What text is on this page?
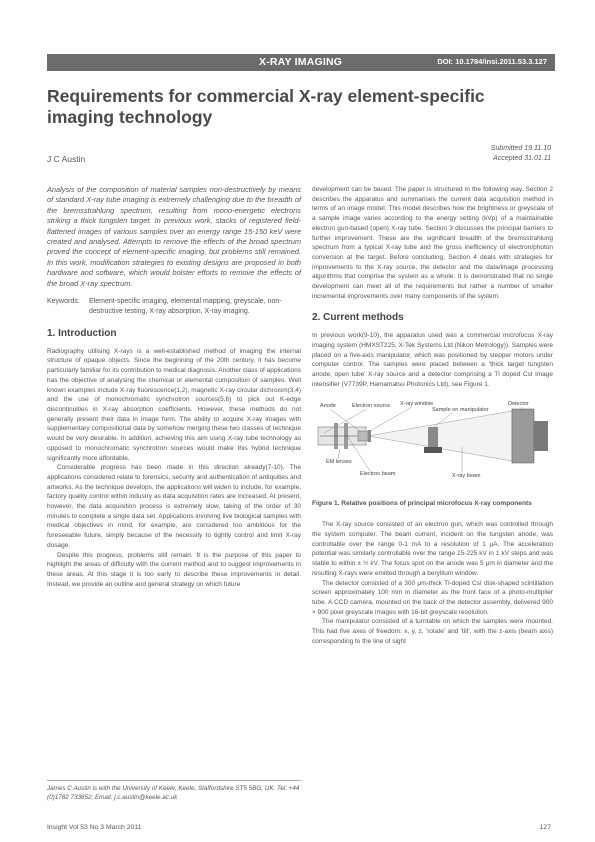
X-RAY IMAGING	DOI: 10.1784/insi.2011.53.3.127
Requirements for commercial X-ray element-specific imaging technology
J C Austin
Submitted 19.11.10
Accepted 31.01.11

Analysis of the composition of material samples non-destructively by means of standard X-ray tube imaging is extremely challenging due to the breadth of the bremsstrahlung spectrum, resulting from mono-energetic electrons striking a thick tungsten target. In previous work, stacks of registered field-flattened images of various samples over an energy range 15-150 keV were created and analysed. Attempts to remove the effects of the broad spectrum proved the concept of element-specific imaging, but problems still remained. In this work, modification strategies to existing designs are proposed in both hardware and software, which would bolster efforts to remove the effects of the broad X-ray spectrum.

Keywords:	Element-specific imaging, elemental mapping, greyscale, non-destructive testing, X-ray absorption, X-ray imaging.
1. Introduction

Radiography utilising X-rays is a well-established method of imaging the internal structure of opaque objects. Since the beginning of the 20th century, it has become particularly familiar for its contribution to medical diagnosis. Another class of applications has the objective of analysing the chemical or elemental composition of samples. Well known examples include X-ray fluorescence(1,2), magnetic X-ray circular dichroism(3,4) and the use of monochromatic synchrotron sources(5,6) to pick out K-edge discontinuities in X-ray absorption coefficients. However, these methods do not generally present their data in image form. The ability to acquire X-ray images with supplementary compositional data by somehow merging these two classes of technique would be very desirable. In addition, achieving this aim using X-ray tube technology as opposed to monochromatic synchrotron sources would make this hybrid technique significantly more affordable.

Considerable progress has been made in this direction already(7-10). The applications considered relate to forensics, security and authentication of antiquities and artworks. As the technique develops, the applications will widen to include, for example, factory quality control within industry as data acquisition rates are increased. At present, however, the data acquisition process is extremely slow, taking of the order of 30 minutes to complete a single data set. Applications involving live biological samples with medical objectives in mind, for example, are considered too ambitious for the foreseeable future, simply because of the necessity to tightly control and limit X-ray dosage.

Despite this progress, problems still remain. It is the purpose of this paper to highlight the areas of difficulty with the current method and to suggest improvements in these areas. At this stage it is too early to describe these improvements in detail. Instead, we provide an outline and general strategy on which future

James C Austin is with the University of Keele, Keele, Staffordshire ST5 5BG, UK. Tel: +44 (0)1782 733652; Email: j.c.austin@keele.ac.uk

development can be based. The paper is structured in the following way. Section 2 describes the apparatus and summarises the current data acquisition method in terms of an image model. This model describes how the brightness or greyscale of a sample image varies according to the energy setting (kVp) of a maintainable electron gun-based (open) X-ray tube. Section 3 discusses the principal barriers to further improvement. These are the significant breadth of the bremsstrahlung spectrum from a typical X-ray tube and the gross inefficiency of electron/photon conversion at the target. Before concluding, Section 4 deals with strategies for improvements to the X-ray source, the detector and the data/image processing algorithms that comprise the system as a whole. It is demonstrated that no single development can meet all of the requirements but rather a number of smaller incremental improvements over many components of the system.

2. Current methods

In previous work(9-10), the apparatus used was a commercial microfocus X-ray imaging system (HMXST225, X-Tek Systems Ltd (Nikon Metrology)). Samples were placed on a five-axis manipulator, which was positioned by stepper motors under computer control. The samples were placed between a 'thick target tungsten anode, open tube' X-ray source and a detector comprising a Tl doped CsI image intensifier (V7739P, Hamamatsu Photonics Ltd), see Figure 1.

Anode	Electron source X-ray window
Sample on manipulator
Detector
EM lenses
Electron beam	X-ray beam
Figure 1. Relative positions of principal microfocus X-ray components

The X-ray source consisted of an electron gun, which was controlled through the system computer. The beam current, incident on the tungsten anode, was controllable over the range 0-1 mA to a resolution of 1 μA. The acceleration potential was similarly controllable over the range 15-225 kV in 1 kV steps and was stable to within ± ½ kV. The focus spot on the anode was 5 μm in diameter and the resulting X-rays were emitted through a beryllium window.

The detector consisted of a 300 μm-thick Tl-doped CsI disk-shaped scintillation screen approximately 100 mm in diameter as the front face of a photo-multiplier tube. A CCD camera, mounted on the back of the detector assembly, delivered 900 × 900 pixel greyscale images with 16-bit greyscale resolution.

The manipulator consisted of a turntable on which the samples were mounted. This had five axes of freedom: x, y, z, 'rotate' and 'tilt', with the z-axis (beam axis) corresponding to the line of sight

Insight Vol 53 No 3 March 2011	127
